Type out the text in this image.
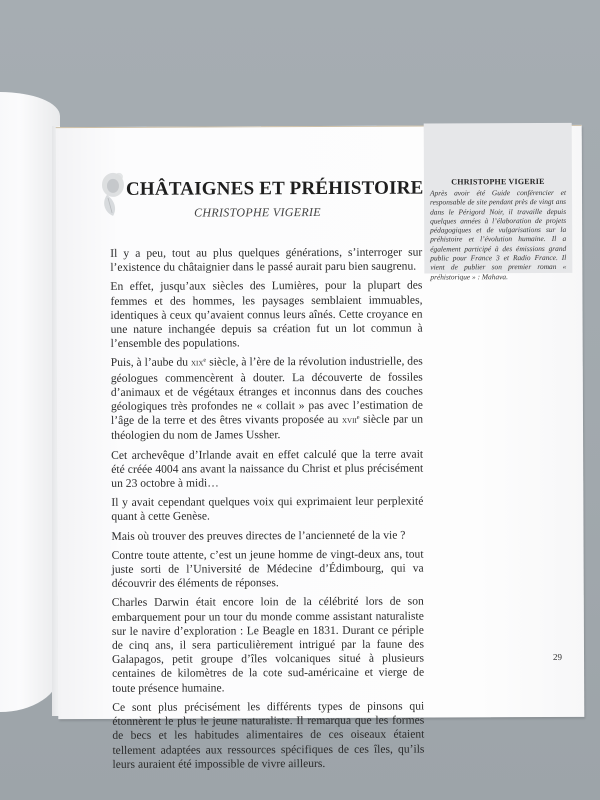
CHÂTAIGNES ET PRÉHISTOIRE
CHRISTOPHE VIGERIE
CHRISTOPHE VIGERIE

Après avoir été Guide conférencier et responsable de site pendant près de vingt ans dans le Périgord Noir, il travaille depuis quelques années à l’élaboration de projets pédagogiques et de vulgarisations sur la préhistoire et l’évolution humaine. Il a également participé à des émissions grand public pour France 3 et Radio France. Il vient de publier son premier roman « préhistorique » : Mahava.

Il y a peu, tout au plus quelques générations, s’interroger sur l’existence du châtaignier dans le passé aurait paru bien saugrenu.

En effet, jusqu’aux siècles des Lumières, pour la plupart des femmes et des hommes, les paysages semblaient immuables, identiques à ceux qu’avaient connus leurs aînés. Cette croyance en une nature inchangée depuis sa création fut un lot commun à l’ensemble des populations.

Puis, à l’aube du xix$^e$ siècle, à l’ère de la révolution industrielle, des géologues commencèrent à douter. La découverte de fossiles d’animaux et de végétaux étranges et inconnus dans des couches géologiques très profondes ne « collait » pas avec l’estimation de l’âge de la terre et des êtres vivants proposée au xvii$^e$ siècle par un théologien du nom de James Ussher.

Cet archevêque d’Irlande avait en effet calculé que la terre avait été créée 4004 ans avant la naissance du Christ et plus précisément un 23 octobre à midi…

Il y avait cependant quelques voix qui exprimaient leur perplexité quant à cette Genèse.

Mais où trouver des preuves directes de l’ancienneté de la vie ?

Contre toute attente, c’est un jeune homme de vingt-deux ans, tout juste sorti de l’Université de Médecine d’Édimbourg, qui va découvrir des éléments de réponses.

Charles Darwin était encore loin de la célébrité lors de son embarquement pour un tour du monde comme assistant naturaliste sur le navire d’exploration : Le Beagle en 1831. Durant ce périple de cinq ans, il sera particulièrement intrigué par la faune des Galapagos, petit groupe d’îles volcaniques situé à plusieurs centaines de kilomètres de la cote sud-américaine et vierge de toute présence humaine.

Ce sont plus précisément les différents types de pinsons qui étonnèrent le plus le jeune naturaliste. Il remarqua que les formes de becs et les habitudes alimentaires de ces oiseaux étaient tellement adaptées aux ressources spécifiques de ces îles, qu’ils leurs auraient été impossible de vivre ailleurs.

29
